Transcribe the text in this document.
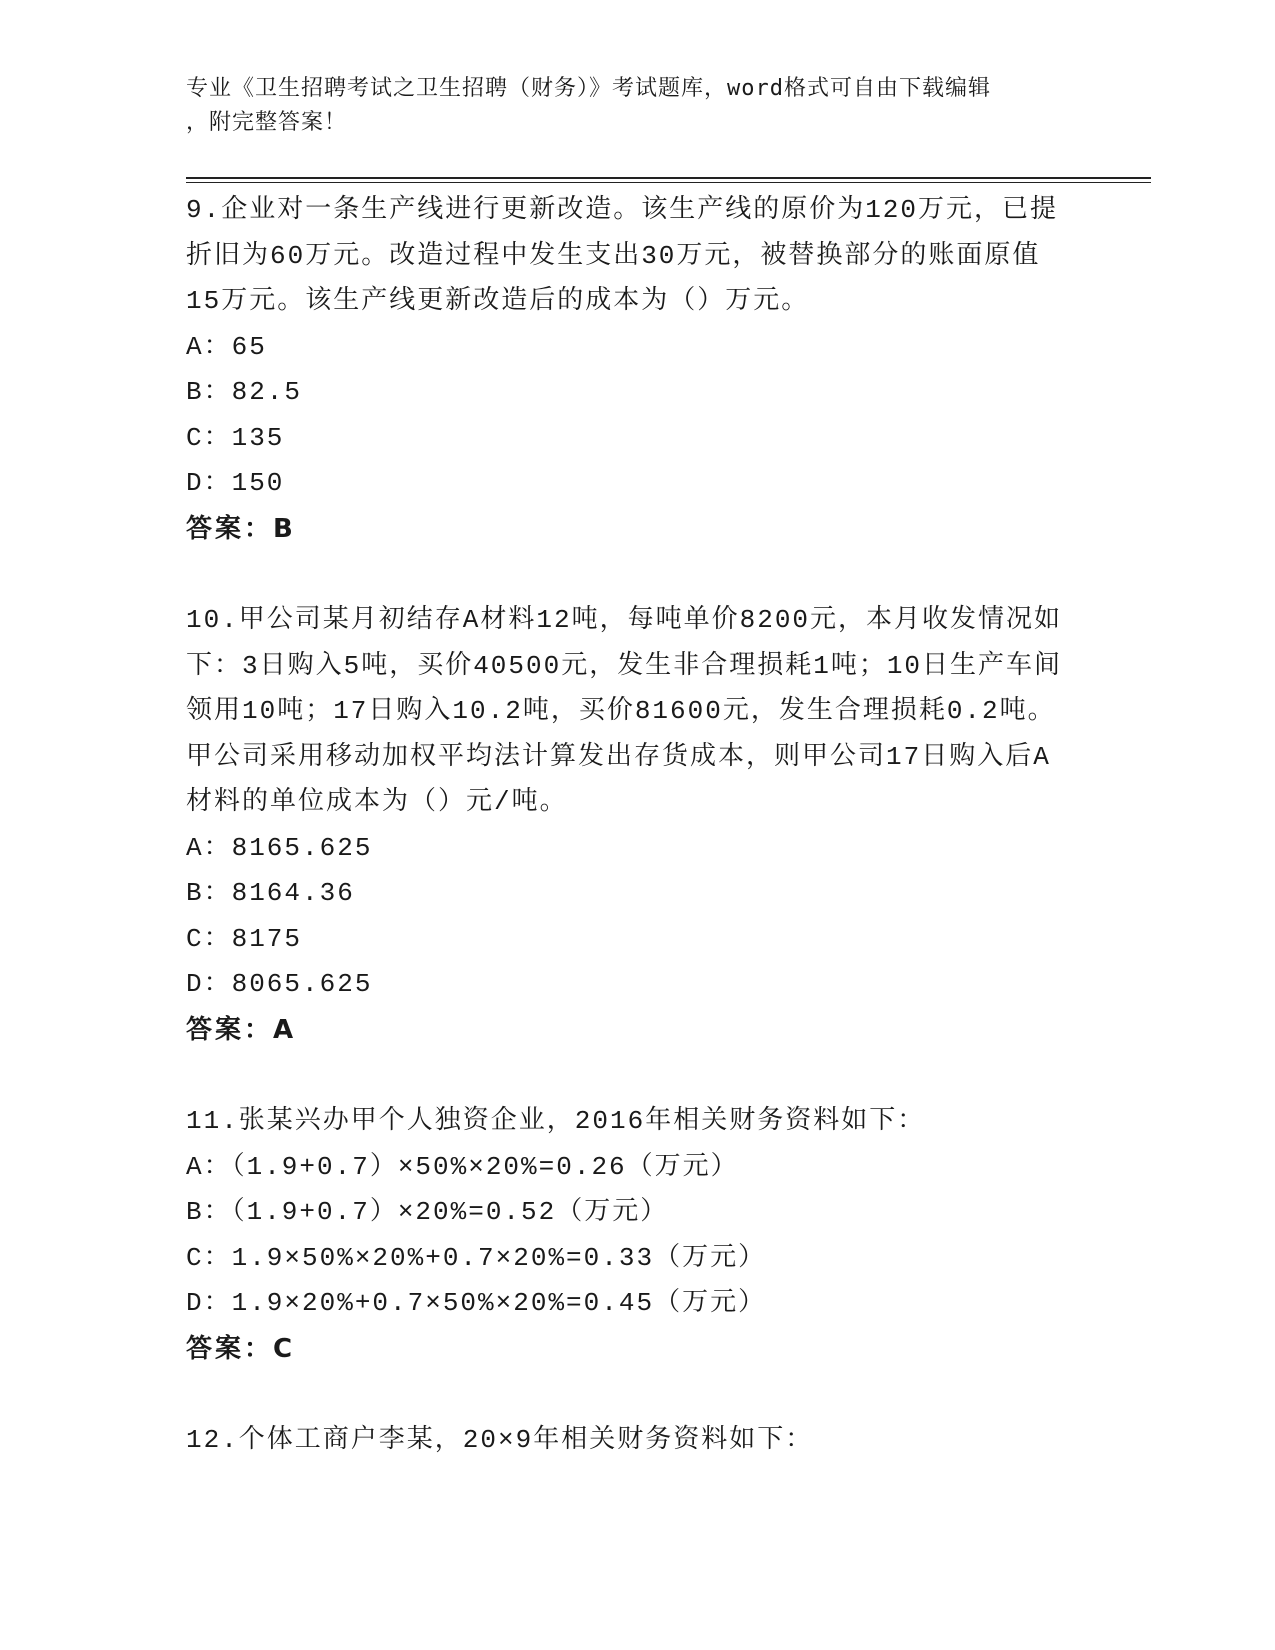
专业《卫生招聘考试之卫生招聘（财务）》考试题库，word格式可自由下载编辑
，附完整答案！
9.企业对一条生产线进行更新改造。该生产线的原价为120万元，已提折旧为60万元。改造过程中发生支出30万元，被替换部分的账面原值15万元。该生产线更新改造后的成本为（）万元。
A：65
B：82.5
C：135
D：150
答案：B
10.甲公司某月初结存A材料12吨，每吨单价8200元，本月收发情况如下：3日购入5吨，买价40500元，发生非合理损耗1吨；10日生产车间领用10吨；17日购入10.2吨，买价81600元，发生合理损耗0.2吨。甲公司采用移动加权平均法计算发出存货成本，则甲公司17日购入后A材料的单位成本为（）元/吨。
A：8165.625
B：8164.36
C：8175
D：8065.625
答案：A
11.张某兴办甲个人独资企业，2016年相关财务资料如下：
A：（1.9+0.7）×50%×20%=0.26（万元）
B：（1.9+0.7）×20%=0.52（万元）
C：1.9×50%×20%+0.7×20%=0.33（万元）
D：1.9×20%+0.7×50%×20%=0.45（万元）
答案：C
12.个体工商户李某，20×9年相关财务资料如下：
